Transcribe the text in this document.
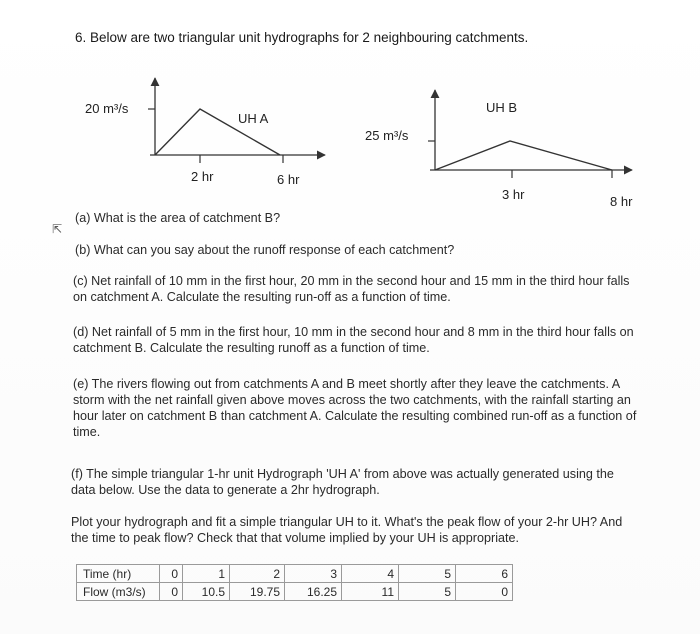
6. Below are two triangular unit hydrographs for 2 neighbouring catchments.
20 m³/s
UH A
2 hr	6 hr
UH B
25 m³/s
3 hr	8 hr
⇱
(a) What is the area of catchment B?
(b) What can you say about the runoff response of each catchment?
(c) Net rainfall of 10 mm in the first hour, 20 mm in the second hour and 15 mm in the third hour falls on catchment A. Calculate the resulting run-off as a function of time.
(d) Net rainfall of 5 mm in the first hour, 10 mm in the second hour and 8 mm in the third hour falls on catchment B. Calculate the resulting runoff as a function of time.
(e) The rivers flowing out from catchments A and B meet shortly after they leave the catchments. A storm with the net rainfall given above moves across the two catchments, with the rainfall starting an hour later on catchment B than catchment A. Calculate the resulting combined run-off as a function of time.
(f) The simple triangular 1-hr unit Hydrograph 'UH A' from above was actually generated using the data below. Use the data to generate a 2hr hydrograph.
Plot your hydrograph and fit a simple triangular UH to it. What's the peak flow of your 2-hr UH? And the time to peak flow? Check that that volume implied by your UH is appropriate.
Time (hr)	0	1	2	3	4	5	6
Flow (m3/s)	0	10.5	19.75	16.25	11	5	0
